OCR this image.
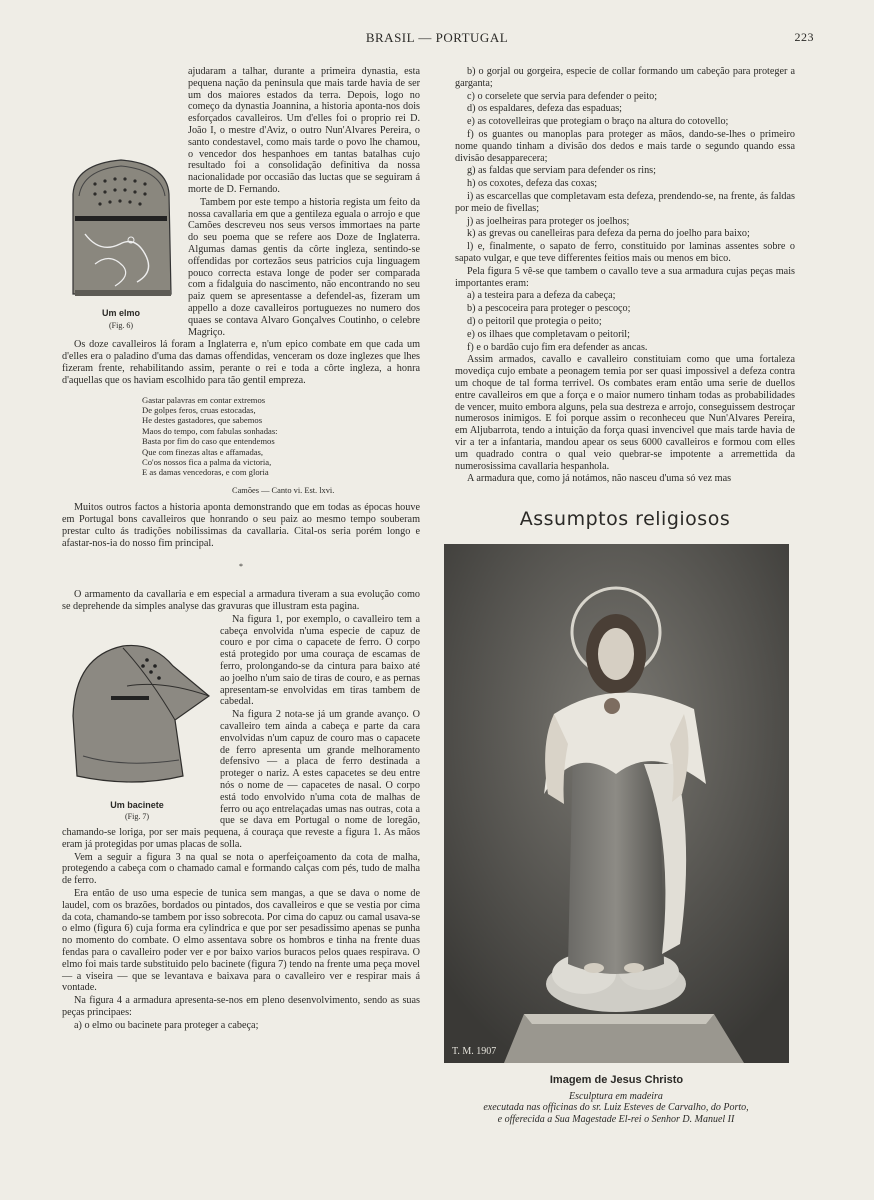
BRASIL — PORTUGAL	223
Um elmo
(Fig. 6)

ajudaram a talhar, durante a primeira dynastia, esta pequena nação da peninsula que mais tarde havia de ser um dos maiores estados da terra. Depois, logo no começo da dynastia Joannina, a historia aponta-nos dois esforçados cavalleiros. Um d'elles foi o proprio rei D. João I, o mestre d'Aviz, o outro Nun'Alvares Pereira, o santo condestavel, como mais tarde o povo lhe chamou, o vencedor dos hespanhoes em tantas batalhas cujo resultado foi a consolidação definitiva da nossa nacionalidade por occasião das luctas que se seguiram á morte de D. Fernando.

Tambem por este tempo a historia regista um feito da nossa cavallaria em que a gentileza eguala o arrojo e que Camões descreveu nos seus versos immortaes na parte do seu poema que se refere aos Doze de Inglaterra. Algumas damas gentis da côrte ingleza, sentindo-se offendidas por cortezãos seus patricios cuja linguagem pouco correcta estava longe de poder ser comparada com a fidalguia do nascimento, não encontrando no seu paiz quem se apresentasse a defendel-as, fizeram um appello a doze cavalleiros portuguezes no numero dos quaes se contava Alvaro Gonçalves Coutinho, o celebre Magriço.

Os doze cavalleiros lá foram a Inglaterra e, n'um epico combate em que cada um d'elles era o paladino d'uma das damas offendidas, venceram os doze inglezes que lhes fizeram frente, rehabilitando assim, perante o rei e toda a côrte ingleza, a honra d'aquellas que os haviam escolhido para tão gentil empreza.

Gastar palavras em contar extremos
De golpes feros, cruas estocadas,
He destes gastadores, que sabemos
Maos do tempo, com fabulas sonhadas:
Basta por fim do caso que entendemos
Que com finezas altas e affamadas,
Co'os nossos fica a palma da victoria,
E as damas vencedoras, e com gloria
Camões — Canto vi. Est. lxvi.

Muitos outros factos a historia aponta demonstrando que em todas as épocas houve em Portugal bons cavalleiros que honrando o seu paiz ao mesmo tempo souberam prestar culto ás tradições nobilissimas da cavallaria. Cital-os seria porém longo e afastar-nos-ia do nosso fim principal.

*

O armamento da cavallaria e em especial a armadura tiveram a sua evolução como se deprehende da simples analyse das gravuras que illustram esta pagina.

Um bacinete
(Fig. 7)

Na figura 1, por exemplo, o cavalleiro tem a cabeça envolvida n'uma especie de capuz de couro e por cima o capacete de ferro. O corpo está protegido por uma couraça de escamas de ferro, prolongando-se da cintura para baixo até ao joelho n'um saio de tiras de couro, e as pernas apresentam-se envolvidas em tiras tambem de cabedal.

Na figura 2 nota-se já um grande avanço. O cavalleiro tem ainda a cabeça e parte da cara envolvidas n'um capuz de couro mas o capacete de ferro apresenta um grande melhoramento defensivo — a placa de ferro destinada a proteger o nariz. A estes capacetes se deu entre nós o nome de — capacetes de nasal. O corpo está todo envolvido n'uma cota de malhas de ferro ou aço entrelaçadas umas nas outras, cota a que se dava em Portugal o nome de loregão, chamando-se loriga, por ser mais pequena, á couraça que reveste a figura 1. As mãos eram já protegidas por umas placas de solla.

Vem a seguir a figura 3 na qual se nota o aperfeiçoamento da cota de malha, protegendo a cabeça com o chamado camal e formando calças com pés, tudo de malha de ferro.

Era então de uso uma especie de tunica sem mangas, a que se dava o nome de laudel, com os brazões, bordados ou pintados, dos cavalleiros e que se vestia por cima da cota, chamando-se tambem por isso sobrecota. Por cima do capuz ou camal usava-se o elmo (figura 6) cuja forma era cylindrica e que por ser pesadissimo apenas se punha no momento do combate. O elmo assentava sobre os hombros e tinha na frente duas fendas para o cavalleiro poder ver e por baixo varios buracos pelos quaes respirava. O elmo foi mais tarde substituido pelo bacinete (figura 7) tendo na frente uma peça movel — a viseira — que se levantava e baixava para o cavalleiro ver e respirar mais á vontade.

Na figura 4 a armadura apresenta-se-nos em pleno desenvolvimento, sendo as suas peças principaes:

a) o elmo ou bacinete para proteger a cabeça;

b) o gorjal ou gorgeira, especie de collar formando um cabeção para proteger a garganta;

c) o corselete que servia para defender o peito;

d) os espaldares, defeza das espaduas;

e) as cotovelleiras que protegiam o braço na altura do cotovello;

f) os guantes ou manoplas para proteger as mãos, dando-se-lhes o primeiro nome quando tinham a divisão dos dedos e mais tarde o segundo quando essa divisão desapparecera;

g) as faldas que serviam para defender os rins;

h) os coxotes, defeza das coxas;

i) as escarcellas que completavam esta defeza, prendendo-se, na frente, ás faldas por meio de fivellas;

j) as joelheiras para proteger os joelhos;

k) as grevas ou canelleiras para defeza da perna do joelho para baixo;

l) e, finalmente, o sapato de ferro, constituido por laminas assentes sobre o sapato vulgar, e que teve differentes feitios mais ou menos em bico.

Pela figura 5 vê-se que tambem o cavallo teve a sua armadura cujas peças mais importantes eram:

a) a testeira para a defeza da cabeça;

b) a pescoceira para proteger o pescoço;

d) o peitoril que protegia o peito;

e) os ilhaes que completavam o peitoril;

f) e o bardão cujo fim era defender as ancas.

Assim armados, cavallo e cavalleiro constituiam como que uma fortaleza movediça cujo embate a peonagem temia por ser quasi impossivel a defeza contra um choque de tal forma terrivel. Os combates eram então uma serie de duellos entre cavalleiros em que a força e o maior numero tinham todas as probabilidades de vencer, muito embora alguns, pela sua destreza e arrojo, conseguissem destroçar numerosos inimigos. E foi porque assim o reconheceu que Nun'Alvares Pereira, em Aljubarrota, tendo a intuição da força quasi invencivel que mais tarde havia de vir a ter a infantaria, mandou apear os seus 6000 cavalleiros e formou com elles um quadrado contra o qual veio quebrar-se impotente a arremettida da numerosissima cavallaria hespanhola.

A armadura que, como já notámos, não nasceu d'uma só vez mas

Assumptos religiosos
T. M. 1907
Imagem de Jesus Christo
Esculptura em madeira
executada nas officinas do sr. Luiz Esteves de Carvalho, do Porto,
e offerecida a Sua Magestade El-rei o Senhor D. Manuel II
